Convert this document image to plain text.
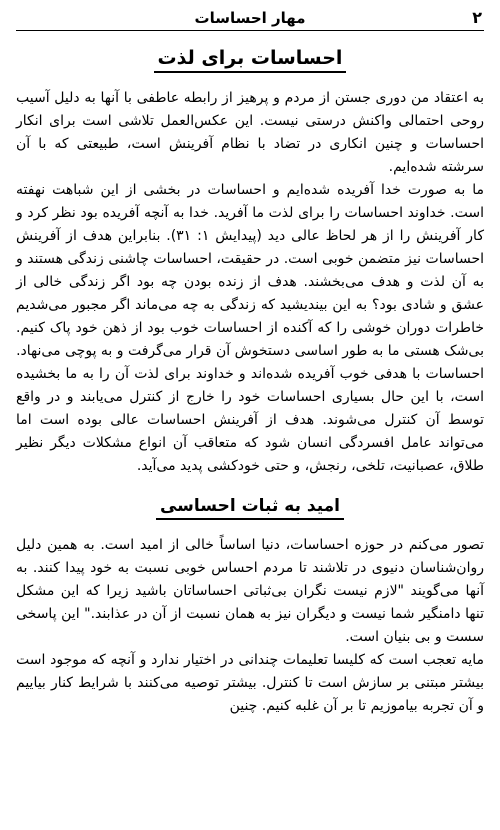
۲
مهار احساسات
احساسات برای لذت

به اعتقاد من دوری جستن از مردم و پرهیز از رابطه عاطفی با آنها به دلیل آسیب روحی احتمالی واکنش درستی نیست. این عکس‌العمل تلاشی است برای انکار احساسات و چنین انکاری در تضاد با نظام آفرینش است، طبیعتی که با آن سرشته شده‌ایم.

ما به صورت خدا آفریده شده‌ایم و احساسات در بخشی از این شباهت نهفته است. خداوند احساسات را برای لذت ما آفرید. خدا به آنچه آفریده بود نظر کرد و کار آفرینش را از هر لحاظ عالی دید (پیدایش ۱: ۳۱). بنابراین هدف از آفرینش احساسات نیز متضمن خوبی است. در حقیقت، احساسات چاشنی زندگی هستند و به آن لذت و هدف می‌بخشند. هدف از زنده بودن چه بود اگر زندگی خالی از عشق و شادی بود؟ به این بیندیشید که زندگی به چه می‌ماند اگر مجبور می‌شدیم خاطرات دوران خوشی را که آکنده از احساسات خوب بود از ذهن خود پاک کنیم. بی‌شک هستی ما به طور اساسی دستخوش آن قرار می‌گرفت و به پوچی می‌نهاد.

احساسات با هدفی خوب آفریده شده‌اند و خداوند برای لذت آن را به ما بخشیده است، با این حال بسیاری احساسات خود را خارج از کنترل می‌یابند و در واقع توسط آن کنترل می‌شوند. هدف از آفرینش احساسات عالی بوده است اما می‌تواند عامل افسردگی انسان شود که متعاقب آن انواع مشکلات دیگر نظیر طلاق، عصبانیت، تلخی، رنجش، و حتی خودکشی پدید می‌آید.

امید به ثبات احساسی

تصور می‌کنم در حوزه احساسات، دنیا اساساً خالی از امید است. به همین دلیل روان‌شناسان دنیوی در تلاشند تا مردم احساس خوبی نسبت به خود پیدا کنند. به آنها می‌گویند "لازم نیست نگران بی‌ثباتی احساساتان باشید زیرا که این مشکل تنها دامنگیر شما نیست و دیگران نیز به همان نسبت از آن در عذابند." این پاسخی سست و بی بنیان است.

مایه تعجب است که کلیسا تعلیمات چندانی در اختیار ندارد و آنچه که موجود است بیشتر مبتنی بر سازش است تا کنترل. بیشتر توصیه می‌کنند با شرایط کنار بیاییم و آن تجربه بیاموزیم تا بر آن غلبه کنیم. چنین
